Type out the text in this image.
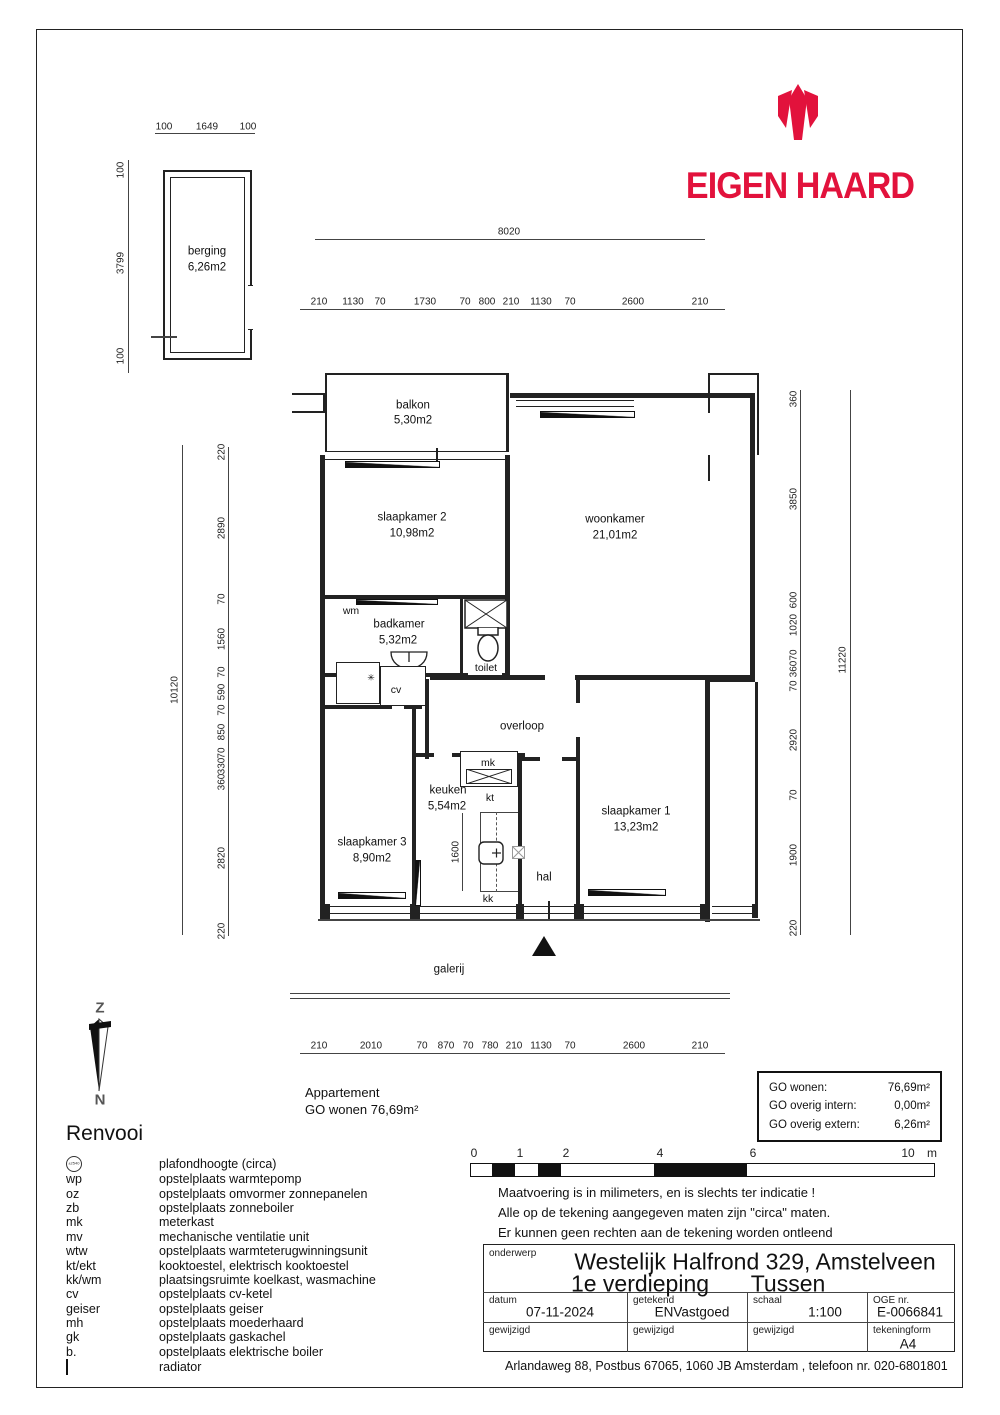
EIGEN HAARD
100 1649 100
100
3799
100
berging
6,26m2
8020
210 1130 70	1730 70 800 210 1130 70	2600	210
10120
220
2890
70
1560
70
590
70
850
70
330
360
2820
220
360
3850
600
1020
70
360
70
2920
70
1900
220
11220
210	2010	70 870 70 780 210 1130 70	2600	210
✳
1600
balkon
5,30m2
slaapkamer 2
10,98m2
woonkamer
21,01m2
wm
badkamer
5,32m2
toilet
cv
overloop
mk
keuken
5,54m2
kt
kk
slaapkamer 3
8,90m2
hal
slaapkamer 1
13,23m2
galerij
Z
N	Appartement
GO wonen 76,69m²
GO wonen:	76,69m²
GO overig intern:	0,00m²
GO overig extern:	6,26m²
Renvooi
±2540	plafondhoogte (circa)
wp	opstelplaats warmtepomp
oz	opstelplaats omvormer zonnepanelen
zb	opstelplaats zonneboiler
mk	meterkast
mv	mechanische ventilatie unit
wtw	opstelplaats warmteterugwinningsunit
kt/ekt	kooktoestel, elektrisch kooktoestel
kk/wm	plaatsingsruimte koelkast, wasmachine
cv	opstelplaats cv-ketel
geiser	opstelplaats geiser
mh	opstelplaats moederhaard
gk	opstelplaats gaskachel
b.	opstelplaats elektrische boiler
radiator
0	1	2	4	6	10 m
Maatvoering is in milimeters, en is slechts ter indicatie !
Alle op de tekening aangegeven maten zijn "circa" maten.
Er kunnen geen rechten aan de tekening worden ontleend
onderwerp Westelijk Halfrond 329, Amstelveen
1e verdieping Tussen
datum
07-11-2024
getekend
ENVastgoed
schaal
1:100
OGE nr.
E-0066841
gewijzigd	gewijzigd	gewijzigd	tekeningform
A4
Arlandaweg 88, Postbus 67065, 1060 JB Amsterdam , telefoon nr. 020-6801801
